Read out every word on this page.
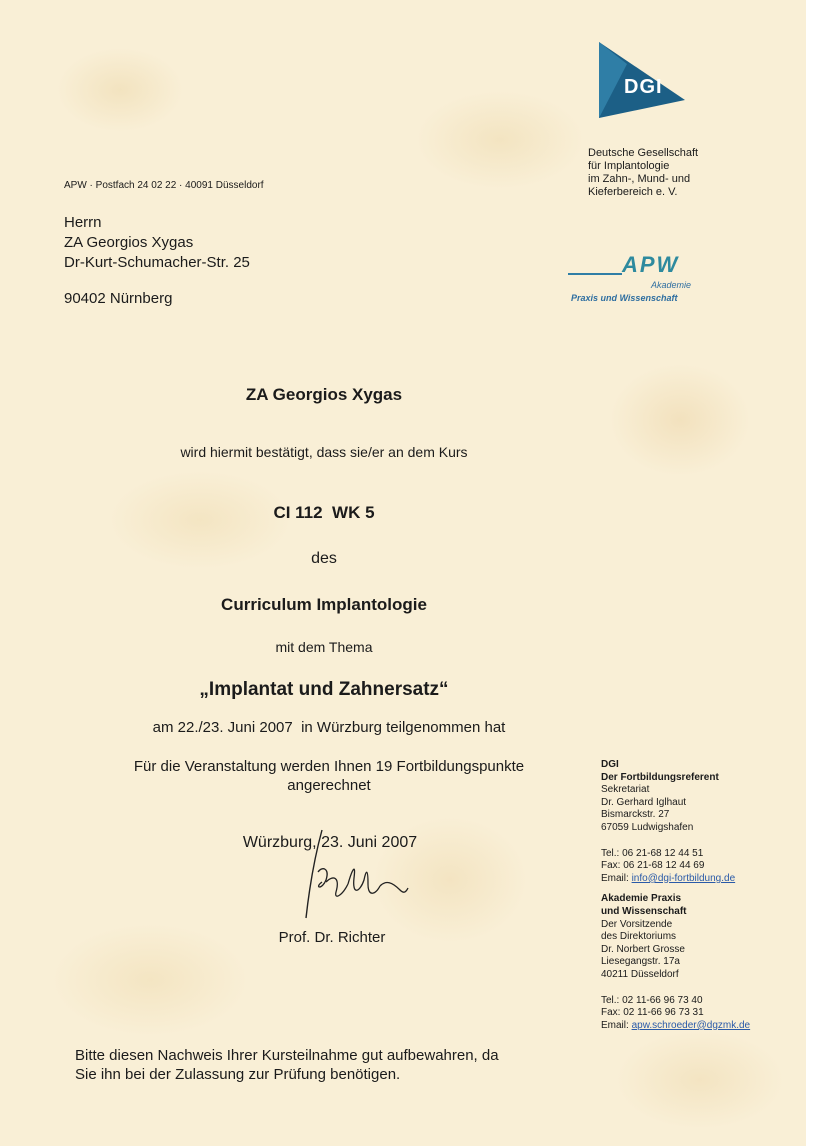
DGI
Deutsche Gesellschaft
für Implantologie
im Zahn-, Mund- und
Kieferbereich e. V.
APW
Akademie
Praxis und Wissenschaft
APW · Postfach 24 02 22 · 40091 Düsseldorf
Herrn
ZA Georgios Xygas
Dr-Kurt-Schumacher-Str. 25
90402 Nürnberg
ZA Georgios Xygas
wird hiermit bestätigt, dass sie/er an dem Kurs
CI 112  WK 5
des
Curriculum Implantologie
mit dem Thema
„Implantat und Zahnersatz“
am 22./23. Juni 2007  in Würzburg teilgenommen hat
Für die Veranstaltung werden Ihnen 19 Fortbildungspunkte
angerechnet
Würzburg, 23. Juni 2007
Prof. Dr. Richter
Bitte diesen Nachweis Ihrer Kursteilnahme gut aufbewahren, da
Sie ihn bei der Zulassung zur Prüfung benötigen.
DGI
Der Fortbildungsreferent
Sekretariat
Dr. Gerhard Iglhaut
Bismarckstr. 27
67059 Ludwigshafen
Tel.: 06 21-68 12 44 51
Fax: 06 21-68 12 44 69
Email: info@dgi-fortbildung.de
Akademie Praxis
und Wissenschaft
Der Vorsitzende
des Direktoriums
Dr. Norbert Grosse
Liesegangstr. 17a
40211 Düsseldorf
Tel.: 02 11-66 96 73 40
Fax: 02 11-66 96 73 31
Email: apw.schroeder@dgzmk.de
